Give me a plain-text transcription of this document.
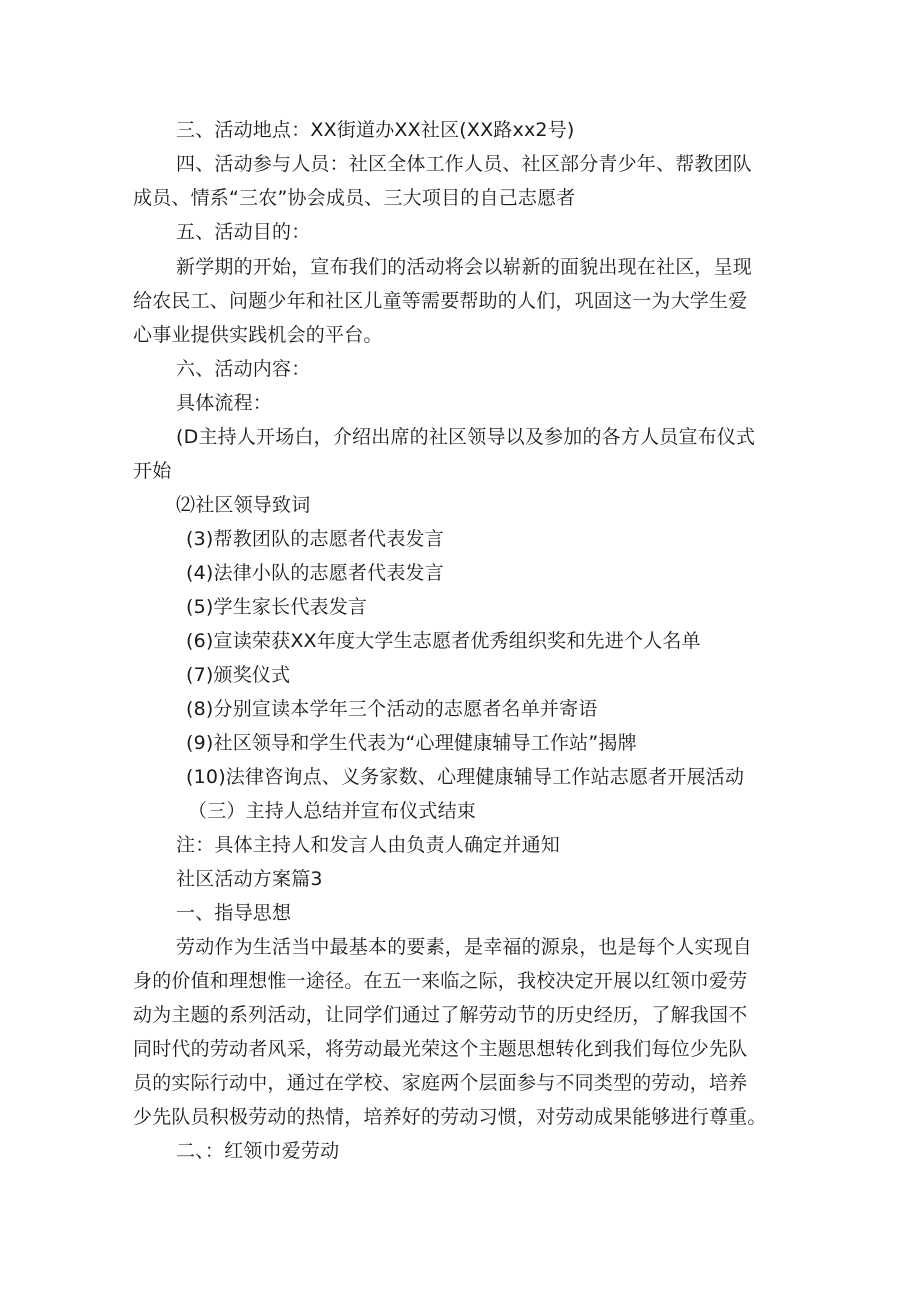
三、活动地点：XX街道办XX社区(XX路xx2号)
四、活动参与人员：社区全体工作人员、社区部分青少年、帮教团队
成员、情系“三农”协会成员、三大项目的自己志愿者
五、活动目的：
新学期的开始，宣布我们的活动将会以崭新的面貌出现在社区，呈现
给农民工、问题少年和社区儿童等需要帮助的人们，巩固这一为大学生爱
心事业提供实践机会的平台。
六、活动内容：
具体流程：
(D主持人开场白，介绍出席的社区领导以及参加的各方人员宣布仪式
开始
⑵社区领导致词
(3)帮教团队的志愿者代表发言
(4)法律小队的志愿者代表发言
(5)学生家长代表发言
(6)宣读荣获XX年度大学生志愿者优秀组织奖和先进个人名单
(7)颁奖仪式
(8)分别宣读本学年三个活动的志愿者名单并寄语
(9)社区领导和学生代表为“心理健康辅导工作站”揭牌
(10)法律咨询点、义务家数、心理健康辅导工作站志愿者开展活动
（三）主持人总结并宣布仪式结束
注：具体主持人和发言人由负责人确定并通知
社区活动方案篇3
一、指导思想
劳动作为生活当中最基本的要素，是幸福的源泉，也是每个人实现自
身的价值和理想惟一途径。在五一来临之际，我校决定开展以红领巾爱劳
动为主题的系列活动，让同学们通过了解劳动节的历史经历，了解我国不
同时代的劳动者风采，将劳动最光荣这个主题思想转化到我们每位少先队
员的实际行动中，通过在学校、家庭两个层面参与不同类型的劳动，培养
少先队员积极劳动的热情，培养好的劳动习惯，对劳动成果能够进行尊重。
二、：红领巾爱劳动
